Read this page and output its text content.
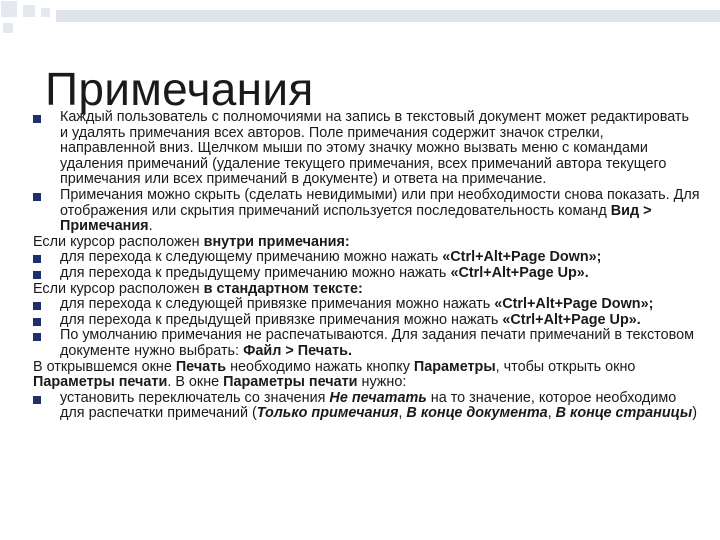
Примечания
Каждый пользователь с полномочиями на запись в текстовый документ может редактировать и удалять примечания всех авторов. Поле примечания содержит значок стрелки, направленной вниз. Щелчком мыши по этому значку можно вызвать меню с командами удаления примечаний (удаление текущего примечания, всех примечаний автора текущего примечания или всех примечаний в документе) и ответа на примечание.
Примечания можно скрыть (сделать невидимыми) или при необходимости снова показать. Для отображения или скрытия примечаний используется последовательность команд Вид > Примечания.
Если курсор расположен внутри примечания:
для перехода к следующему примечанию можно нажать «Ctrl+Alt+Page Down»;
для перехода к предыдущему примечанию можно нажать «Ctrl+Alt+Page Up».
Если курсор расположен в стандартном тексте:
для перехода к следующей привязке примечания можно нажать «Ctrl+Alt+Page Down»;
для перехода к предыдущей привязке примечания можно нажать «Ctrl+Alt+Page Up».
По умолчанию примечания не распечатываются. Для задания печати примечаний в текстовом документе нужно выбрать: Файл > Печать.
В открывшемся окне Печать необходимо нажать кнопку Параметры, чтобы открыть окно Параметры печати. В окне Параметры печати нужно:
установить переключатель со значения Не печатать на то значение, которое необходимо для распечатки примечаний (Только примечания, В конце документа, В конце страницы)
